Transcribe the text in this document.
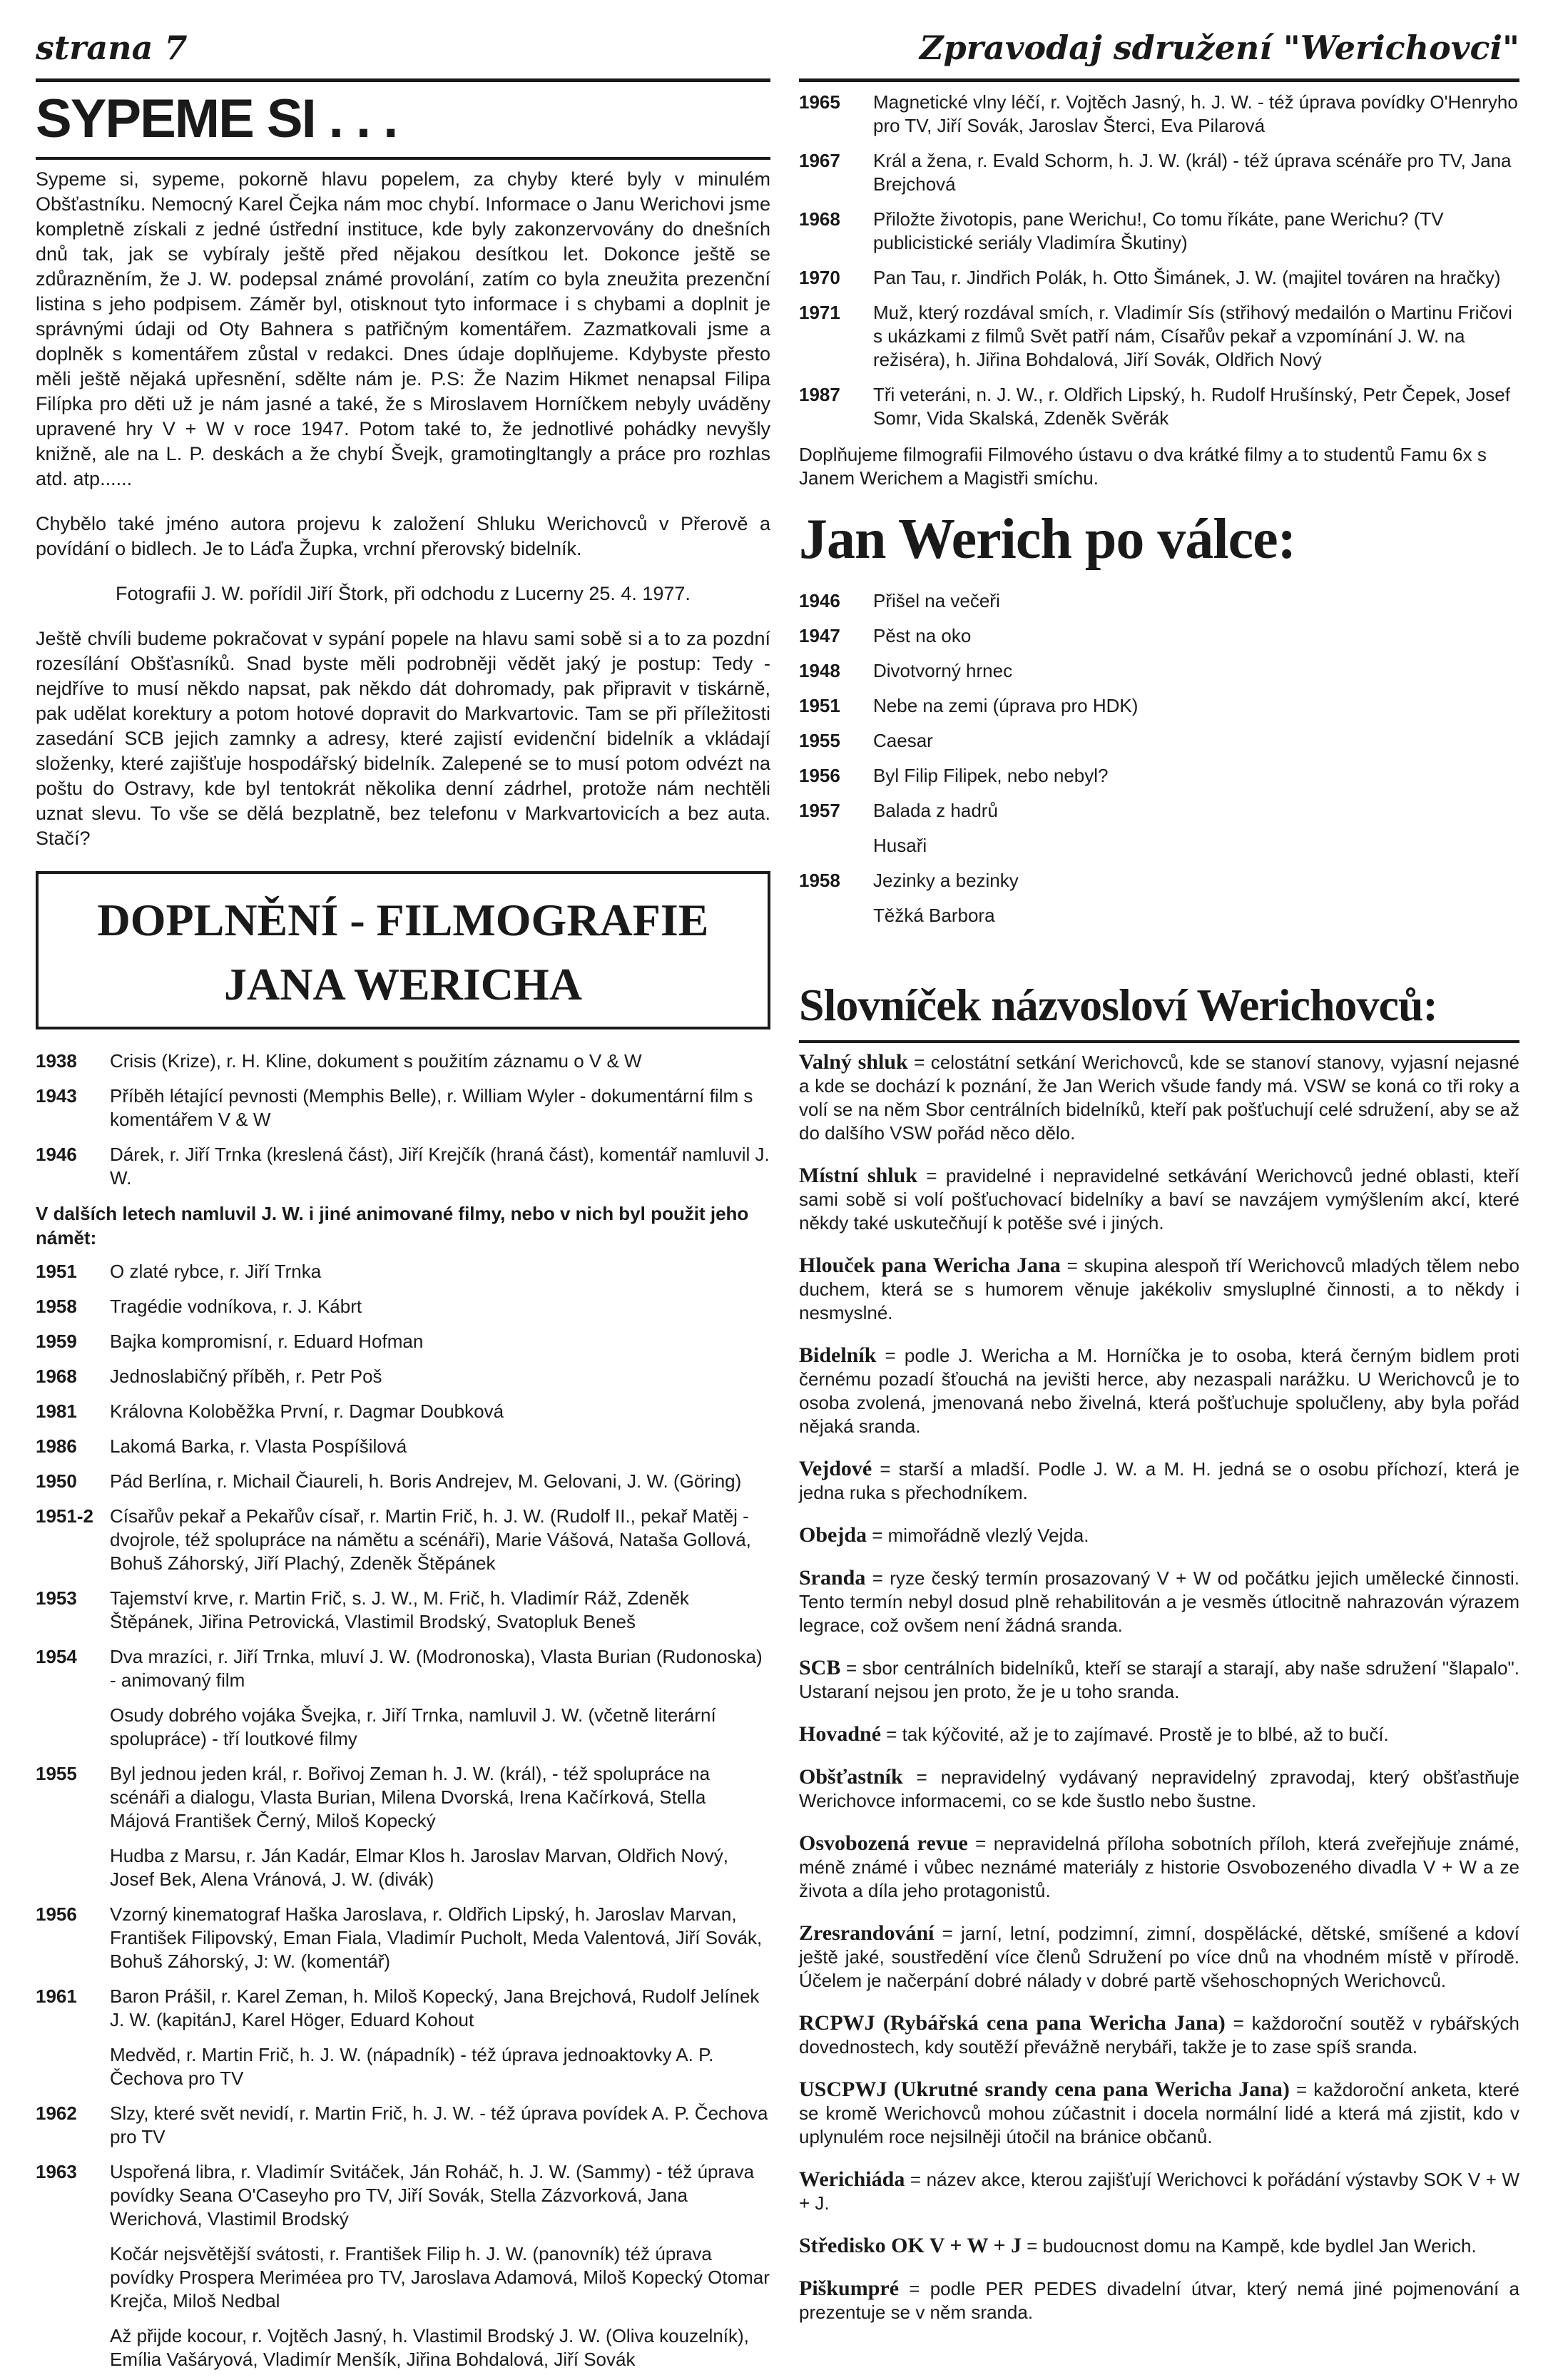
strana 7	Zpravodaj sdružení "Werichovci"
SYPEME SI . . .

Sypeme si, sypeme, pokorně hlavu popelem, za chyby které byly v minulém Obšťastníku. Nemocný Karel Čejka nám moc chybí. Informace o Janu Werichovi jsme kompletně získali z jedné ústřední instituce, kde byly zakonzervovány do dnešních dnů tak, jak se vybíraly ještě před nějakou desítkou let. Dokonce ještě se zdůrazněním, že J. W. podepsal známé provolání, zatím co byla zneužita prezenční listina s jeho podpisem. Záměr byl, otisknout tyto informace i s chybami a doplnit je správnými údaji od Oty Bahnera s patřičným komentářem. Zazmatkovali jsme a doplněk s komentářem zůstal v redakci. Dnes údaje doplňujeme. Kdybyste přesto měli ještě nějaká upřesnění, sdělte nám je. P.S: Že Nazim Hikmet nenapsal Filipa Filípka pro děti už je nám jasné a také, že s Miroslavem Horníčkem nebyly uváděny upravené hry V + W v roce 1947. Potom také to, že jednotlivé pohádky nevyšly knižně, ale na L. P. deskách a že chybí Švejk, gramotingltangly a práce pro rozhlas atd. atp......

Chybělo také jméno autora projevu k založení Shluku Werichovců v Přerově a povídání o bidlech. Je to Láďa Župka, vrchní přerovský bidelník.

Fotografii J. W. pořídil Jiří Štork, při odchodu z Lucerny 25. 4. 1977.

Ještě chvíli budeme pokračovat v sypání popele na hlavu sami sobě si a to za pozdní rozesílání Obšťasníků. Snad byste měli podrobněji vědět jaký je postup: Tedy - nejdříve to musí někdo napsat, pak někdo dát dohromady, pak připravit v tiskárně, pak udělat korektury a potom hotové dopravit do Markvartovic. Tam se při příležitosti zasedání SCB jejich zamnky a adresy, které zajistí evidenční bidelník a vkládají složenky, které zajišťuje hospodářský bidelník. Zalepené se to musí potom odvézt na poštu do Ostravy, kde byl tentokrát několika denní zádrhel, protože nám nechtěli uznat slevu. To vše se dělá bezplatně, bez telefonu v Markvartovicích a bez auta. Stačí?

DOPLNĚNÍ - FILMOGRAFIE JANA WERICHA
1938	Crisis (Krize), r. H. Kline, dokument s použitím záznamu o V & W
1943	Příběh létající pevnosti (Memphis Belle), r. William Wyler - dokumentární film s komentářem V & W
1946	Dárek, r. Jiří Trnka (kreslená část), Jiří Krejčík (hraná část), komentář namluvil J. W.
V dalších letech namluvil J. W. i jiné animované filmy, nebo v nich byl použit jeho námět:
1951	O zlaté rybce, r. Jiří Trnka
1958	Tragédie vodníkova, r. J. Kábrt
1959	Bajka kompromisní, r. Eduard Hofman
1968	Jednoslabičný příběh, r. Petr Poš
1981	Královna Koloběžka První, r. Dagmar Doubková
1986	Lakomá Barka, r. Vlasta Pospíšilová
1950	Pád Berlína, r. Michail Čiaureli, h. Boris Andrejev, M. Gelovani, J. W. (Göring)
1951-2	Císařův pekař a Pekařův císař, r. Martin Frič, h. J. W. (Rudolf II., pekař Matěj - dvojrole, též spolupráce na námětu a scénáři), Marie Vášová, Nataša Gollová, Bohuš Záhorský, Jiří Plachý, Zdeněk Štěpánek
1953	Tajemství krve, r. Martin Frič, s. J. W., M. Frič, h. Vladimír Ráž, Zdeněk Štěpánek, Jiřina Petrovická, Vlastimil Brodský, Svatopluk Beneš
1954	Dva mrazíci, r. Jiří Trnka, mluví J. W. (Modronoska), Vlasta Burian (Rudonoska) - animovaný film
	Osudy dobrého vojáka Švejka, r. Jiří Trnka, namluvil J. W. (včetně literární spolupráce) - tří loutkové filmy
1955	Byl jednou jeden král, r. Bořivoj Zeman h. J. W. (král), - též spolupráce na scénáři a dialogu, Vlasta Burian, Milena Dvorská, Irena Kačírková, Stella Májová František Černý, Miloš Kopecký
	Hudba z Marsu, r. Ján Kadár, Elmar Klos h. Jaroslav Marvan, Oldřich Nový, Josef Bek, Alena Vránová, J. W. (divák)
1956	Vzorný kinematograf Haška Jaroslava, r. Oldřich Lipský, h. Jaroslav Marvan, František Filipovský, Eman Fiala, Vladimír Pucholt, Meda Valentová, Jiří Sovák, Bohuš Záhorský, J: W. (komentář)
1961	Baron Prášil, r. Karel Zeman, h. Miloš Kopecký, Jana Brejchová, Rudolf Jelínek J. W. (kapitánJ, Karel Höger, Eduard Kohout
	Medvěd, r. Martin Frič, h. J. W. (nápadník) - též úprava jednoaktovky A. P. Čechova pro TV
1962	Slzy, které svět nevidí, r. Martin Frič, h. J. W. - též úprava povídek A. P. Čechova pro TV
1963	Uspořená libra, r. Vladimír Svitáček, Ján Roháč, h. J. W. (Sammy) - též úprava povídky Seana O'Caseyho pro TV, Jiří Sovák, Stella Zázvorková, Jana Werichová, Vlastimil Brodský
	Kočár nejsvětější svátosti, r. František Filip h. J. W. (panovník) též úprava povídky Prospera Meriméea pro TV, Jaroslava Adamová, Miloš Kopecký Otomar Krejča, Miloš Nedbal
	Až přijde kocour, r. Vojtěch Jasný, h. Vlastimil Brodský J. W. (Oliva kouzelník), Emília Vašáryová, Vladimír Menšík, Jiřina Bohdalová, Jiří Sovák
1965	Magnetické vlny léčí, r. Vojtěch Jasný, h. J. W. - též úprava povídky O'Henryho pro TV, Jiří Sovák, Jaroslav Šterci, Eva Pilarová
1967	Král a žena, r. Evald Schorm, h. J. W. (král) - též úprava scénáře pro TV, Jana Brejchová
1968	Přiložte životopis, pane Werichu!, Co tomu říkáte, pane Werichu? (TV publicistické seriály Vladimíra Škutiny)
1970	Pan Tau, r. Jindřich Polák, h. Otto Šimánek, J. W. (majitel továren na hračky)
1971	Muž, který rozdával smích, r. Vladimír Sís (střihový medailón o Martinu Fričovi s ukázkami z filmů Svět patří nám, Císařův pekař a vzpomínání J. W. na režiséra), h. Jiřina Bohdalová, Jiří Sovák, Oldřich Nový
1987	Tři veteráni, n. J. W., r. Oldřich Lipský, h. Rudolf Hrušínský, Petr Čepek, Josef Somr, Vida Skalská, Zdeněk Svěrák
Doplňujeme filmografii Filmového ústavu o dva krátké filmy a to studentů Famu 6x s Janem Werichem a Magistři smíchu.
Jan Werich po válce:
1946	Přišel na večeři
1947	Pěst na oko
1948	Divotvorný hrnec
1951	Nebe na zemi (úprava pro HDK)
1955	Caesar
1956	Byl Filip Filipek, nebo nebyl?
1957	Balada z hadrů
	Husaři
1958	Jezinky a bezinky
	Těžká Barbora
Slovníček názvosloví Werichovců:
Valný shluk = celostátní setkání Werichovců, kde se stanoví stanovy, vyjasní nejasné a kde se dochází k poznání, že Jan Werich všude fandy má. VSW se koná co tři roky a volí se na něm Sbor centrálních bidelníků, kteří pak pošťuchují celé sdružení, aby se až do dalšího VSW pořád něco dělo.
Místní shluk = pravidelné i nepravidelné setkávání Werichovců jedné oblasti, kteří sami sobě si volí pošťuchovací bidelníky a baví se navzájem vymýšlením akcí, které někdy také uskutečňují k potěše své i jiných.
Hlouček pana Wericha Jana = skupina alespoň tří Werichovců mladých tělem nebo duchem, která se s humorem věnuje jakékoliv smysluplné činnosti, a to někdy i nesmyslné.
Bidelník = podle J. Wericha a M. Horníčka je to osoba, která černým bidlem proti černému pozadí šťouchá na jevišti herce, aby nezaspali narážku. U Werichovců je to osoba zvolená, jmenovaná nebo živelná, která pošťuchuje spolučleny, aby byla pořád nějaká sranda.
Vejdové = starší a mladší. Podle J. W. a M. H. jedná se o osobu příchozí, která je jedna ruka s přechodníkem.
Obejda = mimořádně vlezlý Vejda.
Sranda = ryze český termín prosazovaný V + W od počátku jejich umělecké činnosti. Tento termín nebyl dosud plně rehabilitován a je vesměs útlocitně nahrazován výrazem legrace, což ovšem není žádná sranda.
SCB = sbor centrálních bidelníků, kteří se starají a starají, aby naše sdružení "šlapalo". Ustaraní nejsou jen proto, že je u toho sranda.
Hovadné = tak kýčovité, až je to zajímavé. Prostě je to blbé, až to bučí.
Obšťastník = nepravidelný vydávaný nepravidelný zpravodaj, který obšťastňuje Werichovce informacemi, co se kde šustlo nebo šustne.
Osvobozená revue = nepravidelná příloha sobotních příloh, která zveřejňuje známé, méně známé i vůbec neznámé materiály z historie Osvobozeného divadla V + W a ze života a díla jeho protagonistů.
Zresrandování = jarní, letní, podzimní, zimní, dospělácké, dětské, smíšené a kdoví ještě jaké, soustředění více členů Sdružení po více dnů na vhodném místě v přírodě. Účelem je načerpání dobré nálady v dobré partě všehoschopných Werichovců.
RCPWJ (Rybářská cena pana Wericha Jana) = každoroční soutěž v rybářských dovednostech, kdy soutěží převážně nerybáři, takže je to zase spíš sranda.
USCPWJ (Ukrutné srandy cena pana Wericha Jana) = každoroční anketa, které se kromě Werichovců mohou zúčastnit i docela normální lidé a která má zjistit, kdo v uplynulém roce nejsilněji útočil na bránice občanů.
Werichiáda = název akce, kterou zajišťují Werichovci k pořádání výstavby SOK V + W + J.
Středisko OK V + W + J = budoucnost domu na Kampě, kde bydlel Jan Werich.
Piškumpré = podle PER PEDES divadelní útvar, který nemá jiné pojmenování a prezentuje se v něm sranda.
